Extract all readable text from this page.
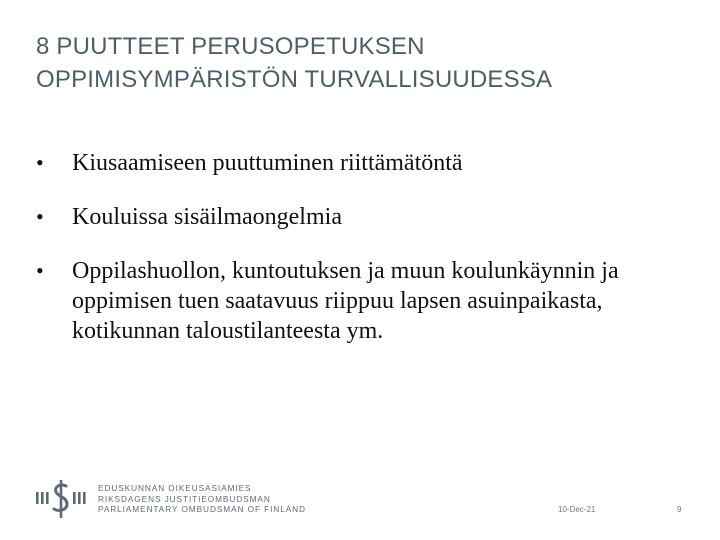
8 PUUTTEET PERUSOPETUKSEN
OPPIMISYMPÄRISTÖN TURVALLISUUDESSA
•	Kiusaamiseen puuttuminen riittämätöntä
•	Kouluissa sisäilmaongelmia
•	Oppilashuollon, kuntoutuksen ja muun koulunkäynnin ja oppimisen tuen saatavuus riippuu lapsen asuinpaikasta, kotikunnan taloustilanteesta ym.
EDUSKUNNAN OIKEUSASIAMIES
RIKSDAGENS JUSTITIEOMBUDSMAN
PARLIAMENTARY OMBUDSMAN OF FINLAND	10-Dec-21	9
